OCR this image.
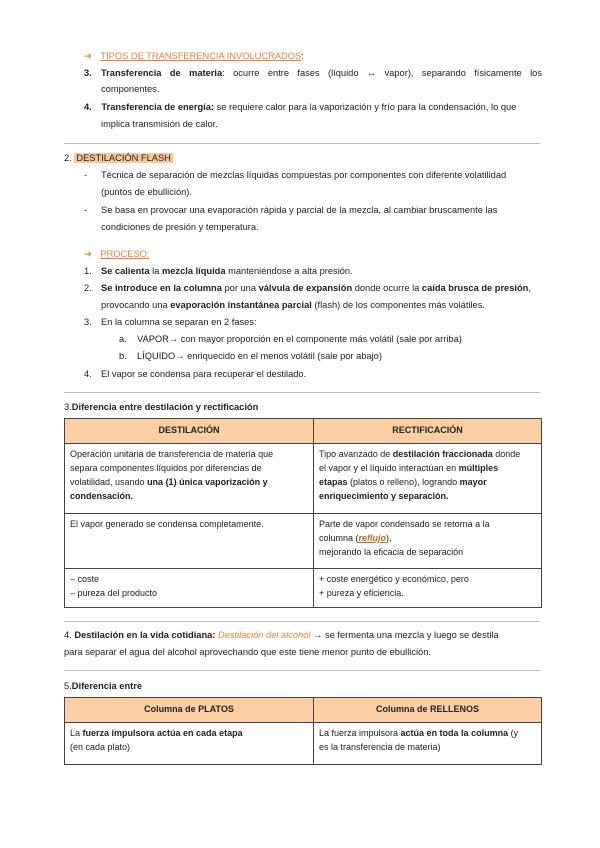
➔ TIPOS DE TRANSFERENCIA INVOLUCRADOS:
3. Transferencia de materia: ocurre entre fases (líquido ↔ vapor), separando físicamente los
componentes.
4. Transferencia de energía: se requiere calor para la vaporización y frío para la condensación, lo que
implica transmisión de calor.
2. DESTILACIÓN FLASH
- Técnica de separación de mezclas líquidas compuestas por componentes con diferente volatilidad
(puntos de ebullición).
- Se basa en provocar una evaporación rápida y parcial de la mezcla, al cambiar bruscamente las
condiciones de presión y temperatura.
➔ PROCESO:
1. Se calienta la mezcla líquida manteniéndose a alta presión.
2. Se introduce en la columna por una válvula de expansión donde ocurre la caída brusca de presión,
provocando una evaporación instantánea parcial (flash) de los componentes más volátiles.
3. En la columna se separan en 2 fases:
a. VAPOR→ con mayor proporción en el componente más volátil (sale por arriba)
b. LÍQUIDO→ enriquecido en el menos volátil (sale por abajo)
4. El vapor se condensa para recuperar el destilado.
3.Diferencia entre destilación y rectificación
DESTILACIÓN	RECTIFICACIÓN
Operación unitaria de transferencia de materia que
separa componentes líquidos por diferencias de
volatilidad, usando una (1) única vaporización y
condensación.	Tipo avanzado de destilación fraccionada donde
el vapor y el líquido interactúan en múltiples
etapas (platos o relleno), logrando mayor
enriquecimiento y separación.
El vapor generado se condensa completamente.	Parte de vapor condensado se retorna a la
columna (reflujo),
mejorando la eficacia de separación
– coste
– pureza del producto	+ coste energético y económico, pero
+ pureza y eficiencia.
4. Destilación en la vida cotidiana: Destilación del alcohol → se fermenta una mezcla y luego se destila
para separar el agua del alcohol aprovechando que este tiene menor punto de ebullición.
5.Diferencia entre
Columna de PLATOS	Columna de RELLENOS
La fuerza impulsora actúa en cada etapa
(en cada plato)	La fuerza impulsora actúa en toda la columna (y
es la transferencia de materia)
